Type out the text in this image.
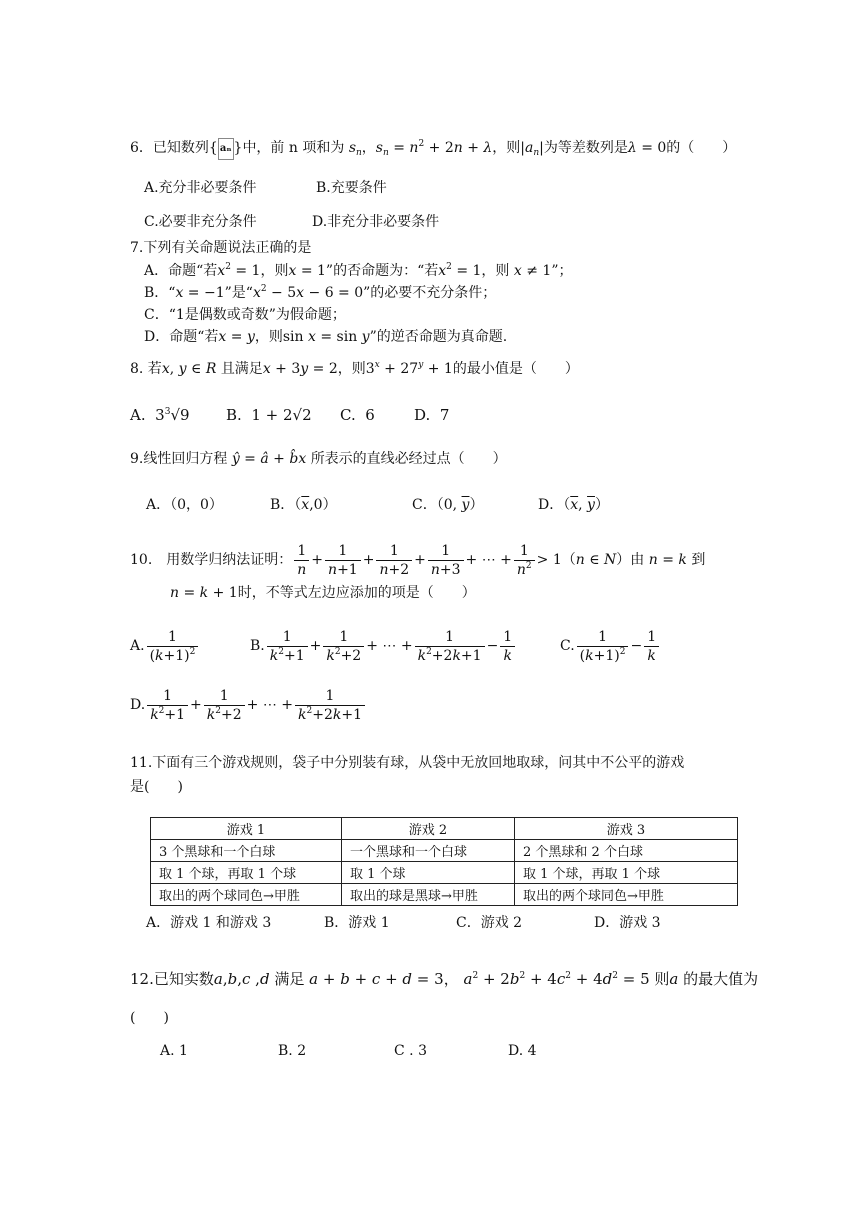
6．已知数列{ aₙ }中，前 n 项和为 $s_n$，$s_n = n^2 + 2n + \lambda$，则$|a_n|$为等差数列是λ = 0的（　　）
A.充分非必要条件	B.充要条件
C.必要非充分条件	D.非充分非必要条件
7.下列有关命题说法正确的是
A．命题“若$x^2 = 1$，则x = 1”的否命题为：“若$x^2 = 1$，则 x ≠ 1”；
B．“x = −1”是“$x^2 - 5x - 6 = 0$”的必要不充分条件；
C．“1是偶数或奇数”为假命题；
D．命题“若x = y，则sin x = sin y”的逆否命题为真命题.
8. 若x, y ∈ R 且满足x + 3y = 2，则$3^x + 27^y + 1$的最小值是（　　）
A.  $3^3√9$ B.  1 + 2√2 C. 6	D. 7
9.线性回归方程 ŷ = â + b̂x 所表示的直线必经过点（　　）
A．（0，0）	B．$(\overline{x},0)$	C．（0, $\overline{y}$）	D．（$\overline{x}$, $\overline{y}$）
10.　用数学归纳法证明： $\frac{1}{n} + \frac{1}{n+1} + \frac{1}{n+2} + \frac{1}{n+3}$ + ⋯ + $\frac{1}{n^2} > 1(n$ ∈ N）由 n = k 到
n = k + 1时，不等式左边应添加的项是（　　）
A. $\frac{1}{(k+1)^2}$	B. $\frac{1}{k^2+1} + \frac{1}{k^2+2}$ + ⋯ + $\frac{1}{k^2+2k+1} - \frac{1}{k}$	C. $\frac{1}{(k+1)^2} - \frac{1}{k}$
D. $\frac{1}{k^2+1} + \frac{1}{k^2+2}$ + ⋯ + $\frac{1}{k^2+2k+1}$
11.下面有三个游戏规则，袋子中分别装有球，从袋中无放回地取球，问其中不公平的游戏
是(　　)
游戏 1	游戏 2	游戏 3
3 个黑球和一个白球	一个黑球和一个白球	2 个黑球和 2 个白球
取 1 个球，再取 1 个球	取 1 个球	取 1 个球，再取 1 个球
取出的两个球同色→甲胜	取出的球是黑球→甲胜	取出的两个球同色→甲胜
A．游戏 1 和游戏 3	B．游戏 1	C．游戏 2	D．游戏 3
12.已知实数a,b,c ,d 满足 a + b + c + d = 3， $a^2 + 2b^2 + 4c^2 + 4d^2 = 5$ 则a 的最大值为
(　　)
A. 1	B. 2	C . 3	D. 4
